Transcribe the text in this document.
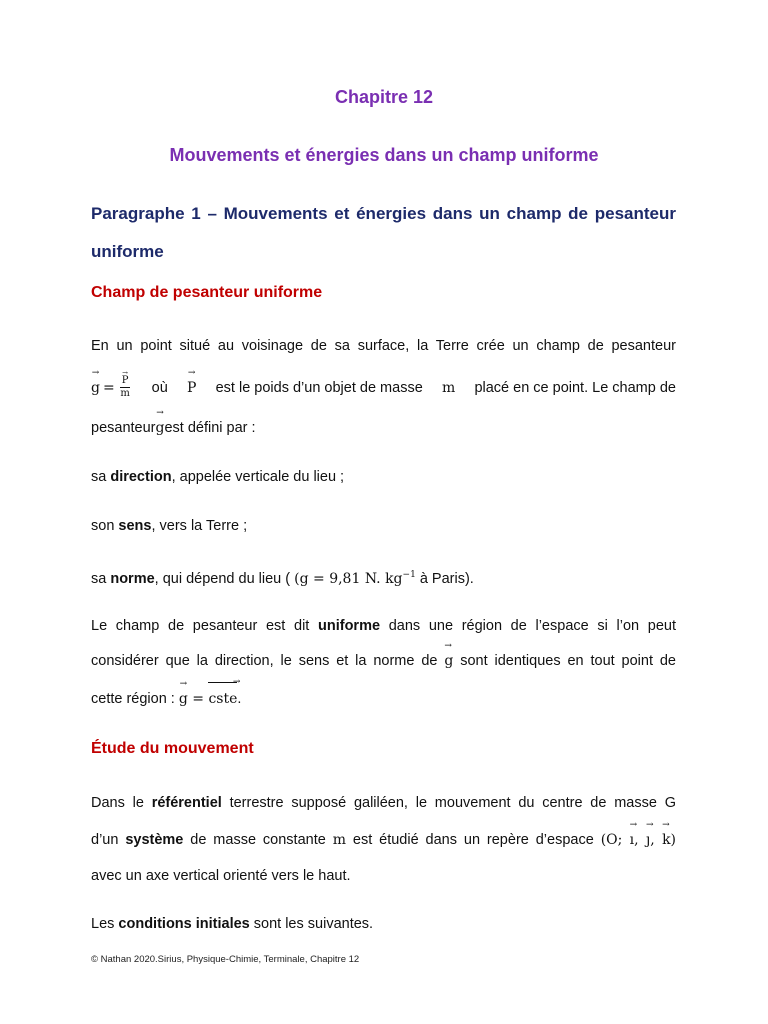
Chapitre 12
Mouvements et énergies dans un champ uniforme
Paragraphe 1 – Mouvements et énergies dans un champ de pesanteur uniforme
Champ de pesanteur uniforme
En un point situé au voisinage de sa surface, la Terre crée un champ de pesanteur
→
g = →
P
m où
→
P est le poids d’un objet de masse m placé en ce point. Le champ de
pesanteur
→
gest défini par :
sa direction, appelée verticale du lieu ;
son sens, vers la Terre ;
sa norme, qui dépend du lieu ( (g = 9,81 N. $kg^{-1}$ à Paris).
Le champ de pesanteur est dit uniforme dans une région de l’espace si l’on peut
considérer que la direction, le sens et la norme de
→
g sont identiques en tout point de
cette région :
→
g =
→
cste.
Étude du mouvement
Dans le référentiel terrestre supposé galiléen, le mouvement du centre de masse G
d’un système de masse constante m est étudié dans un repère d’espace (O;
→
ı,
→
ȷ,
→
k)
avec un axe vertical orienté vers le haut.
Les conditions initiales sont les suivantes.
© Nathan 2020.Sirius, Physique-Chimie, Terminale, Chapitre 12
